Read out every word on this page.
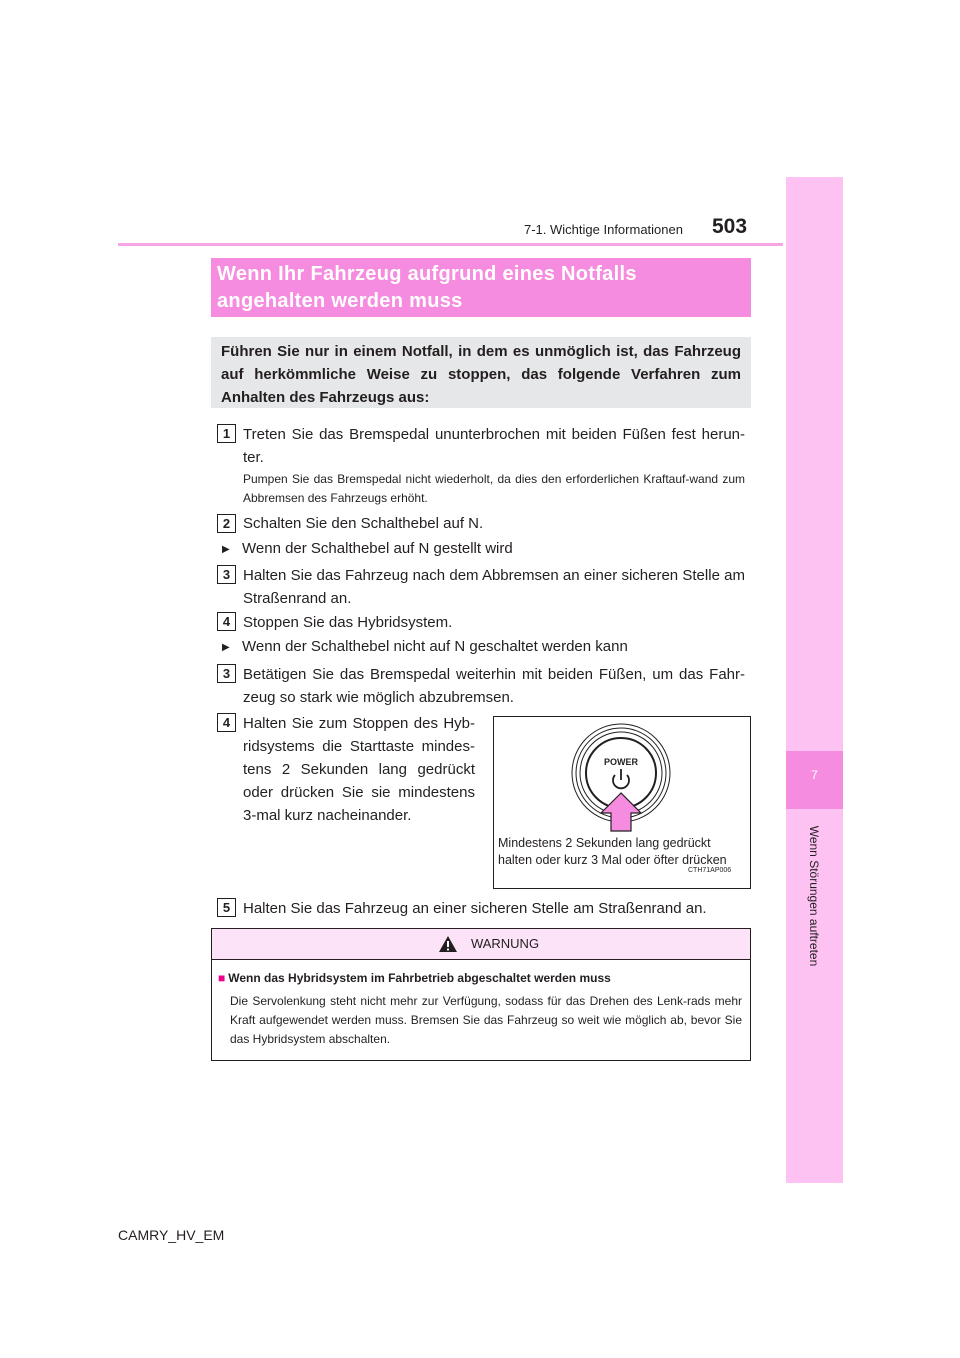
7-1. Wichtige Informationen 503
7
Wenn Störungen auftreten
Wenn Ihr Fahrzeug aufgrund eines Notfalls
angehalten werden muss
Führen Sie nur in einem Notfall, in dem es unmöglich ist, das Fahrzeug auf herkömmliche Weise zu stoppen, das folgende Verfahren zum Anhalten des Fahrzeugs aus:
1 Treten Sie das Bremspedal ununterbrochen mit beiden Füßen fest herun-ter.
Pumpen Sie das Bremspedal nicht wiederholt, da dies den erforderlichen Kraftauf-wand zum Abbremsen des Fahrzeugs erhöht.
2 Schalten Sie den Schalthebel auf N.
▶ Wenn der Schalthebel auf N gestellt wird
3 Halten Sie das Fahrzeug nach dem Abbremsen an einer sicheren Stelle am Straßenrand an.
4 Stoppen Sie das Hybridsystem.
▶ Wenn der Schalthebel nicht auf N geschaltet werden kann
3 Betätigen Sie das Bremspedal weiterhin mit beiden Füßen, um das Fahr-zeug so stark wie möglich abzubremsen.
4 Halten Sie zum Stoppen des Hyb-ridsystems die Starttaste mindes-tens 2 Sekunden lang gedrückt oder drücken Sie sie mindestens 3-mal kurz nacheinander.
POWER
Mindestens 2 Sekunden lang gedrückt
halten oder kurz 3 Mal oder öfter drücken
CTH71AP006
5 Halten Sie das Fahrzeug an einer sicheren Stelle am Straßenrand an.
WARNUNG
■ Wenn das Hybridsystem im Fahrbetrieb abgeschaltet werden muss
Die Servolenkung steht nicht mehr zur Verfügung, sodass für das Drehen des Lenk-rads mehr Kraft aufgewendet werden muss. Bremsen Sie das Fahrzeug so weit wie möglich ab, bevor Sie das Hybridsystem abschalten.
CAMRY_HV_EM
